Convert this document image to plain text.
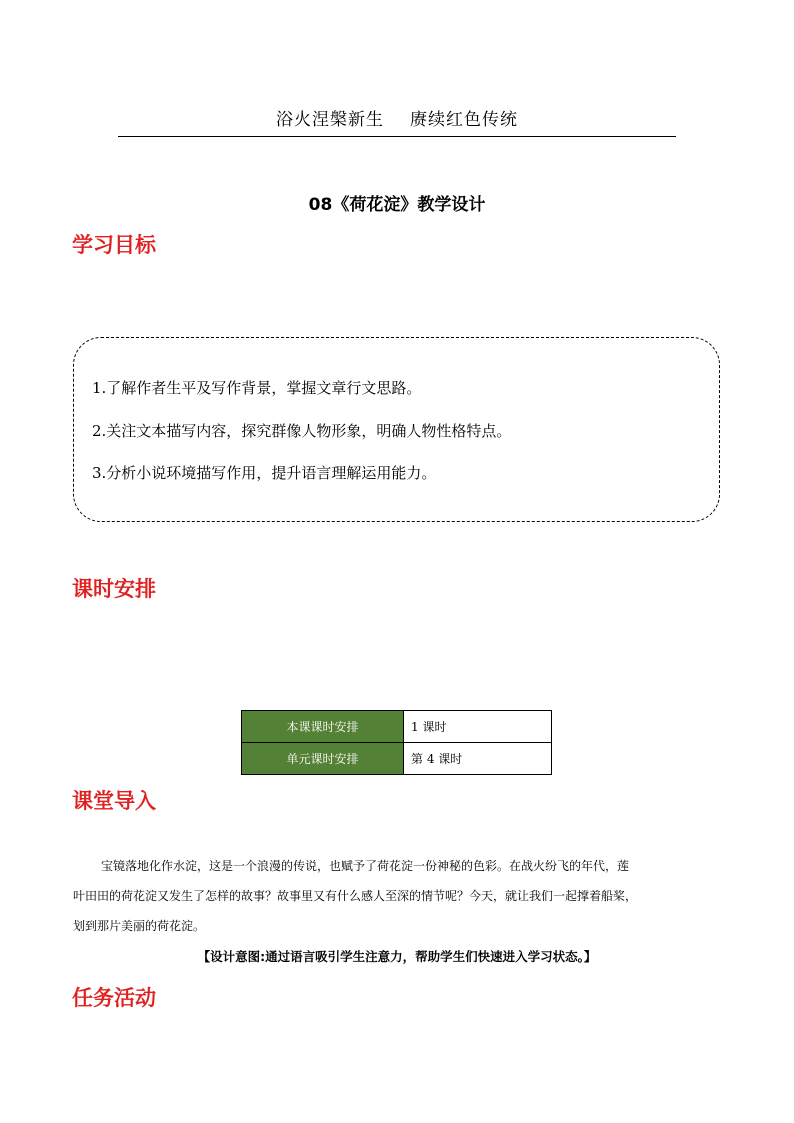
浴火涅槃新生 赓续红色传统
08《荷花淀》教学设计
学习目标
1.了解作者生平及写作背景，掌握文章行文思路。
2.关注文本描写内容，探究群像人物形象，明确人物性格特点。
3.分析小说环境描写作用，提升语言理解运用能力。
课时安排
本课课时安排	1 课时
单元课时安排	第 4 课时
课堂导入
宝镜落地化作水淀，这是一个浪漫的传说，也赋予了荷花淀一份神秘的色彩。在战火纷飞的年代，莲
叶田田的荷花淀又发生了怎样的故事？故事里又有什么感人至深的情节呢？今天，就让我们一起撑着船桨，
划到那片美丽的荷花淀。
【设计意图:通过语言吸引学生注意力，帮助学生们快速进入学习状态。】
任务活动
